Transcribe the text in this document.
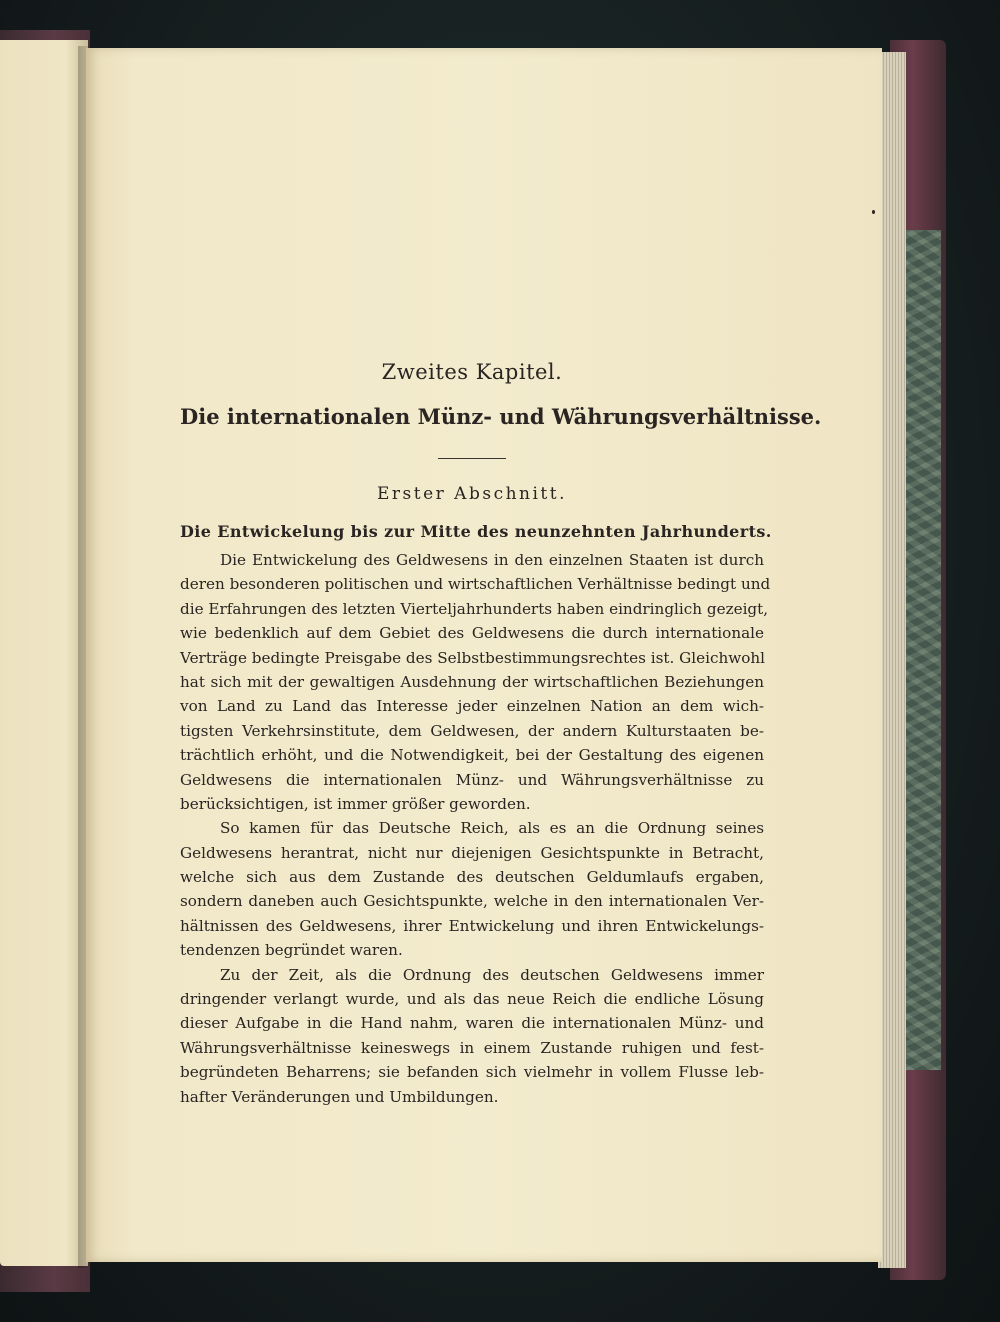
Zweites Kapitel.
Die internationalen Münz- und Währungsverhältnisse.
Erster Abschnitt.
Die Entwickelung bis zur Mitte des neunzehnten Jahrhunderts.
Die Entwickelung des Geldwesens in den einzelnen Staaten ist durch
deren besonderen politischen und wirtschaftlichen Verhältnisse bedingt und
die Erfahrungen des letzten Vierteljahrhunderts haben eindringlich gezeigt,
wie bedenklich auf dem Gebiet des Geldwesens die durch internationale
Verträge bedingte Preisgabe des Selbstbestimmungsrechtes ist. Gleichwohl
hat sich mit der gewaltigen Ausdehnung der wirtschaftlichen Beziehungen
von Land zu Land das Interesse jeder einzelnen Nation an dem wich-
tigsten Verkehrsinstitute, dem Geldwesen, der andern Kulturstaaten be-
trächtlich erhöht, und die Notwendigkeit, bei der Gestaltung des eigenen
Geldwesens die internationalen Münz- und Währungsverhältnisse zu
berücksichtigen, ist immer größer geworden.
So kamen für das Deutsche Reich, als es an die Ordnung seines
Geldwesens herantrat, nicht nur diejenigen Gesichtspunkte in Betracht,
welche sich aus dem Zustande des deutschen Geldumlaufs ergaben,
sondern daneben auch Gesichtspunkte, welche in den internationalen Ver-
hältnissen des Geldwesens, ihrer Entwickelung und ihren Entwickelungs-
tendenzen begründet waren.
Zu der Zeit, als die Ordnung des deutschen Geldwesens immer
dringender verlangt wurde, und als das neue Reich die endliche Lösung
dieser Aufgabe in die Hand nahm, waren die internationalen Münz- und
Währungsverhältnisse keineswegs in einem Zustande ruhigen und fest-
begründeten Beharrens; sie befanden sich vielmehr in vollem Flusse leb-
hafter Veränderungen und Umbildungen.
